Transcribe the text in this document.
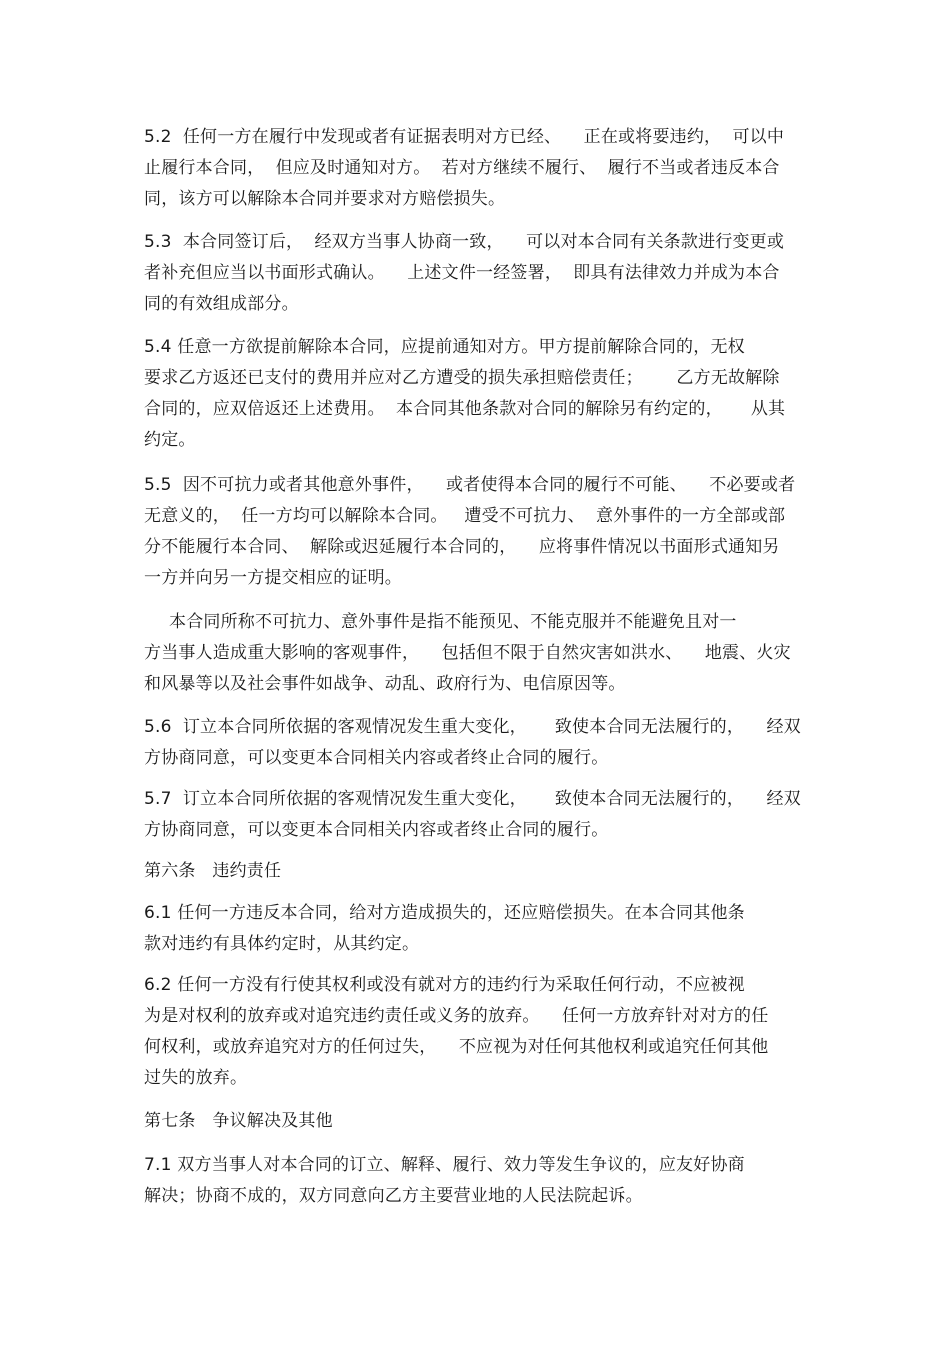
5.2  任何一方在履行中发现或者有证据表明对方已经、    正在或将要违约，  可以中
止履行本合同，  但应及时通知对方。  若对方继续不履行、  履行不当或者违反本合
同，该方可以解除本合同并要求对方赔偿损失。
5.3  本合同签订后，  经双方当事人协商一致，    可以对本合同有关条款进行变更或
者补充但应当以书面形式确认。    上述文件一经签署，  即具有法律效力并成为本合
同的有效组成部分。
5.4 任意一方欲提前解除本合同，应提前通知对方。甲方提前解除合同的，无权
要求乙方返还已支付的费用并应对乙方遭受的损失承担赔偿责任；      乙方无故解除
合同的，应双倍返还上述费用。  本合同其他条款对合同的解除另有约定的，     从其
约定。
5.5  因不可抗力或者其他意外事件，    或者使得本合同的履行不可能、    不必要或者
无意义的，  任一方均可以解除本合同。   遭受不可抗力、  意外事件的一方全部或部
分不能履行本合同、  解除或迟延履行本合同的，    应将事件情况以书面形式通知另
一方并向另一方提交相应的证明。
本合同所称不可抗力、意外事件是指不能预见、不能克服并不能避免且对一
方当事人造成重大影响的客观事件，    包括但不限于自然灾害如洪水、    地震、火灾
和风暴等以及社会事件如战争、动乱、政府行为、电信原因等。
5.6  订立本合同所依据的客观情况发生重大变化，     致使本合同无法履行的，    经双
方协商同意，可以变更本合同相关内容或者终止合同的履行。
5.7  订立本合同所依据的客观情况发生重大变化，     致使本合同无法履行的，    经双
方协商同意，可以变更本合同相关内容或者终止合同的履行。
第六条   违约责任
6.1 任何一方违反本合同，给对方造成损失的，还应赔偿损失。在本合同其他条
款对违约有具体约定时，从其约定。
6.2 任何一方没有行使其权利或没有就对方的违约行为采取任何行动，不应被视
为是对权利的放弃或对追究违约责任或义务的放弃。    任何一方放弃针对对方的任
何权利，或放弃追究对方的任何过失，    不应视为对任何其他权利或追究任何其他
过失的放弃。
第七条   争议解决及其他
7.1 双方当事人对本合同的订立、解释、履行、效力等发生争议的，应友好协商
解决；协商不成的，双方同意向乙方主要营业地的人民法院起诉。
